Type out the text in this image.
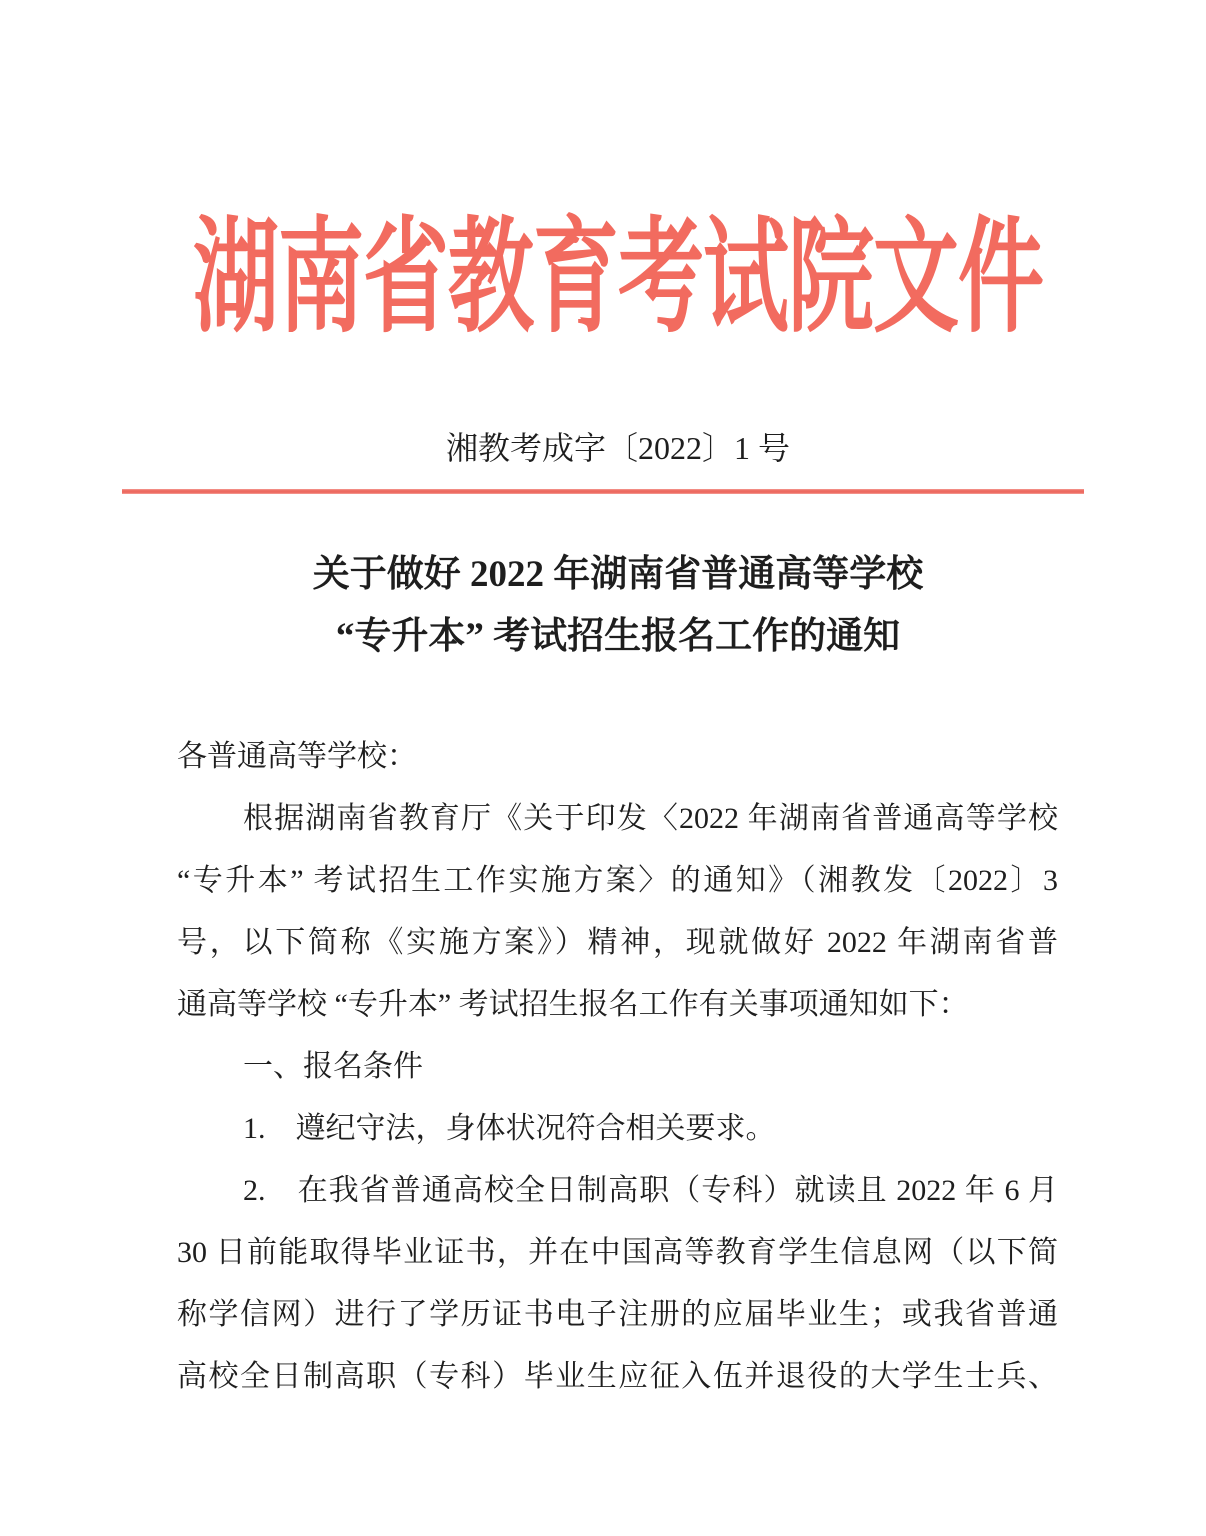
湖南省教育考试院文件
湘教考成字〔2022〕1 号
关于做好 2022 年湖南省普通高等学校
“专升本” 考试招生报名工作的通知
各普通高等学校：
根据湖南省教育厅《关于印发〈2022 年湖南省普通高等学校
“专升本” 考试招生工作实施方案〉的通知》（湘教发〔2022〕3
号，以下简称《实施方案》）精神，现就做好 2022 年湖南省普
通高等学校 “专升本” 考试招生报名工作有关事项通知如下：
一、报名条件
1.　遵纪守法，身体状况符合相关要求。
2.　在我省普通高校全日制高职（专科）就读且 2022 年 6 月
30 日前能取得毕业证书，并在中国高等教育学生信息网（以下简
称学信网）进行了学历证书电子注册的应届毕业生；或我省普通
高校全日制高职（专科）毕业生应征入伍并退役的大学生士兵、
